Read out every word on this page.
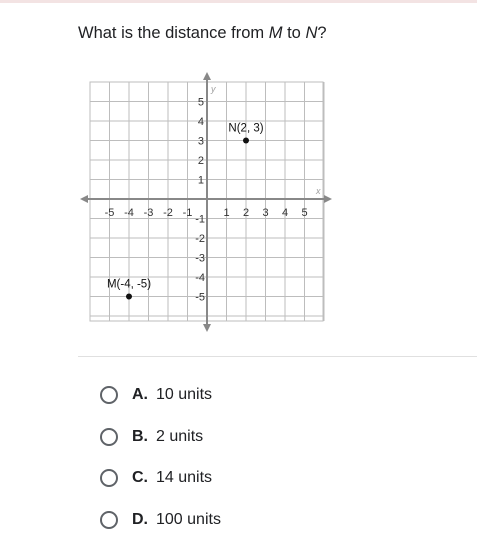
What is the distance from M to N?
x
y
-5 -4 -3 -2 -1	1 2 3 4 5
5
4
3
2
1
-1
-2
-3
-4
-5
N(2, 3)
M(-4, -5)
A. 10 units
B. 2 units
C. 14 units
D. 100 units
